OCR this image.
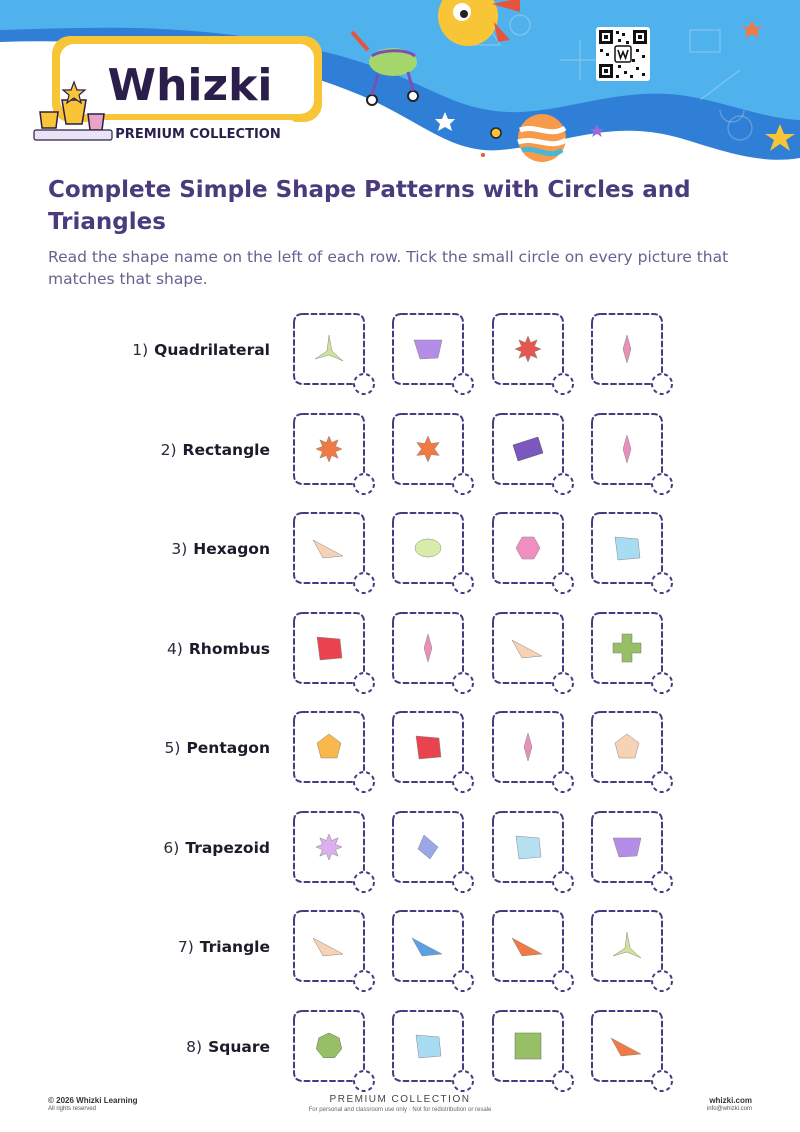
Whizki
PREMIUM COLLECTION
Complete Simple Shape Patterns with Circles and Triangles

Read the shape name on the left of each row. Tick the small circle on every picture that matches that shape.

1) Quadrilateral
2) Rectangle
3) Hexagon
4) Rhombus
5) Pentagon
6) Trapezoid
7) Triangle
8) Square
© 2026 Whizki Learning
All rights reserved
PREMIUM COLLECTION
For personal and classroom use only · Not for redistribution or resale
whizki.com
info@whizki.com
